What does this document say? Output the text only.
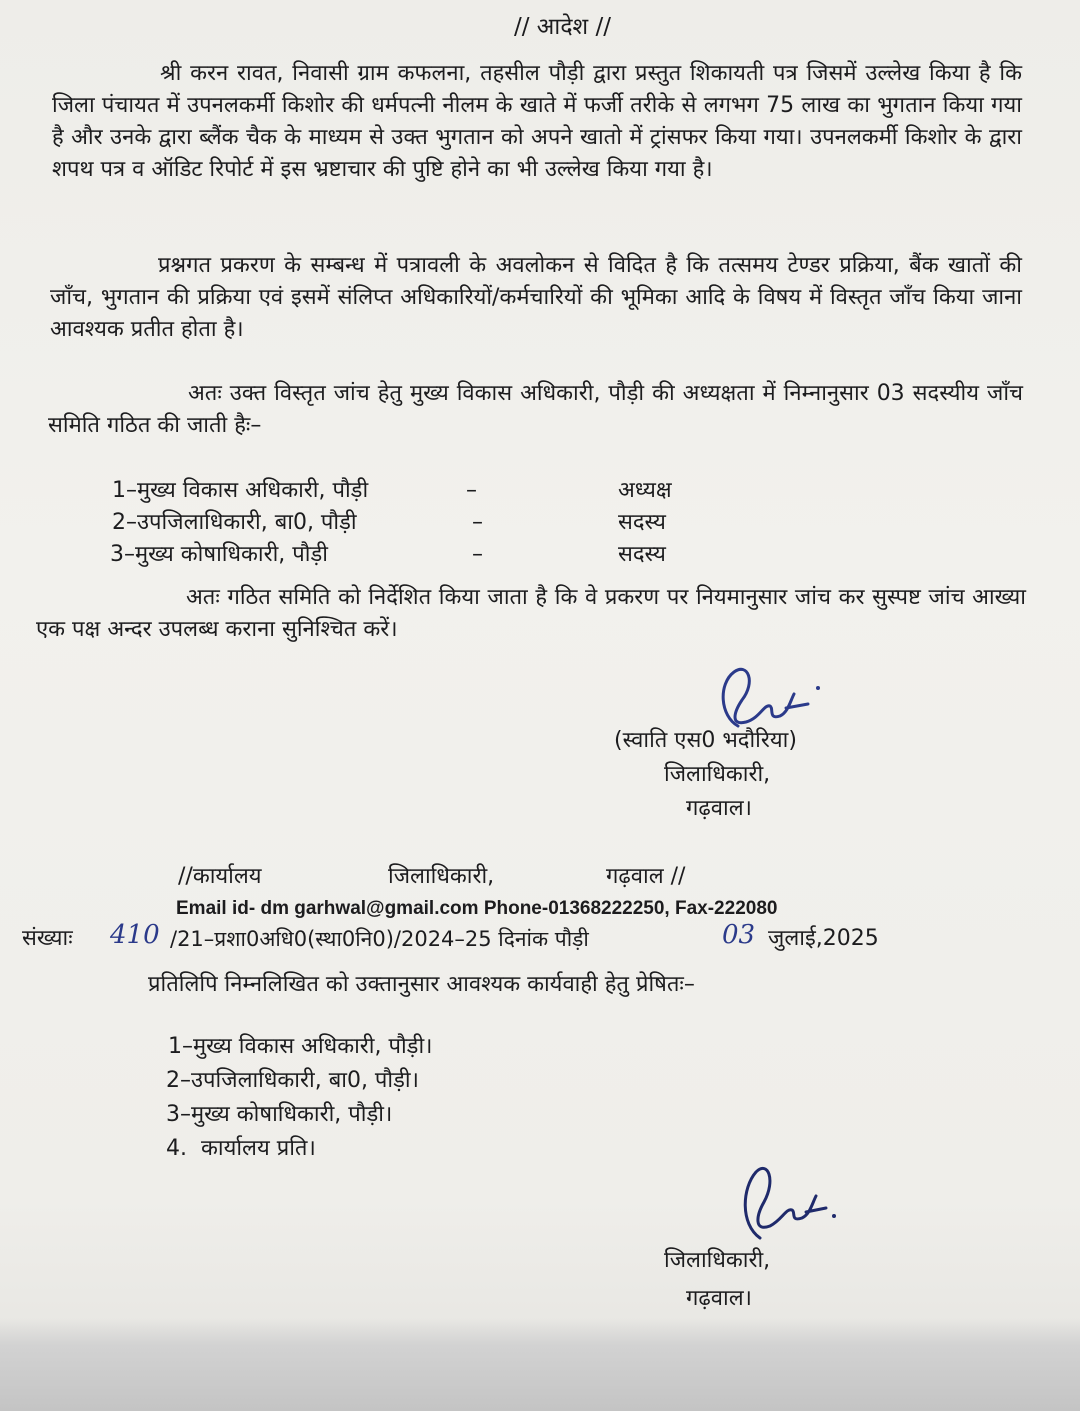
// आदेश //
श्री करन रावत, निवासी ग्राम कफलना, तहसील पौड़ी द्वारा प्रस्तुत शिकायती पत्र जिसमें उल्लेख किया है कि जिला पंचायत में उपनलकर्मी किशोर की धर्मपत्नी नीलम के खाते में फर्जी तरीके से लगभग 75 लाख का भुगतान किया गया है और उनके द्वारा ब्लैंक चैक के माध्यम से उक्त भुगतान को अपने खातो में ट्रांसफर किया गया। उपनलकर्मी किशोर के द्वारा शपथ पत्र व ऑडिट रिपोर्ट में इस भ्रष्टाचार की पुष्टि होने का भी उल्लेख किया गया है।
प्रश्नगत प्रकरण के सम्बन्ध में पत्रावली के अवलोकन से विदित है कि तत्समय टेण्डर प्रक्रिया, बैंक खातों की जाँच, भुगतान की प्रक्रिया एवं इसमें संलिप्त अधिकारियों/कर्मचारियों की भूमिका आदि के विषय में विस्तृत जाँच किया जाना आवश्यक प्रतीत होता है।
अतः उक्त विस्तृत जांच हेतु मुख्य विकास अधिकारी, पौड़ी की अध्यक्षता में निम्नानुसार 03 सदस्यीय जाँच समिति गठित की जाती हैः–
1–मुख्य विकास अधिकारी, पौड़ी	–	अध्यक्ष
2–उपजिलाधिकारी, बा0, पौड़ी	–	सदस्य
3–मुख्य कोषाधिकारी, पौड़ी	–	सदस्य
अतः गठित समिति को निर्देशित किया जाता है कि वे प्रकरण पर नियमानुसार जांच कर सुस्पष्ट जांच आख्या एक पक्ष अन्दर उपलब्ध कराना सुनिश्चित करें।
(स्वाति एस0 भदौरिया)
जिलाधिकारी,
गढ़वाल।
//कार्यालय	जिलाधिकारी,	गढ़वाल //
Email id- dm garhwal@gmail.com Phone-01368222250, Fax-222080
संख्याः 410 /21–प्रशा0अधि0(स्था0नि0)/2024–25 दिनांक पौड़ी	03 जुलाई,2025
प्रतिलिपि निम्नलिखित को उक्तानुसार आवश्यक कार्यवाही हेतु प्रेषितः–
1–मुख्य विकास अधिकारी, पौड़ी।
2–उपजिलाधिकारी, बा0, पौड़ी।
3–मुख्य कोषाधिकारी, पौड़ी।
4.  कार्यालय प्रति।
जिलाधिकारी,
गढ़वाल।
